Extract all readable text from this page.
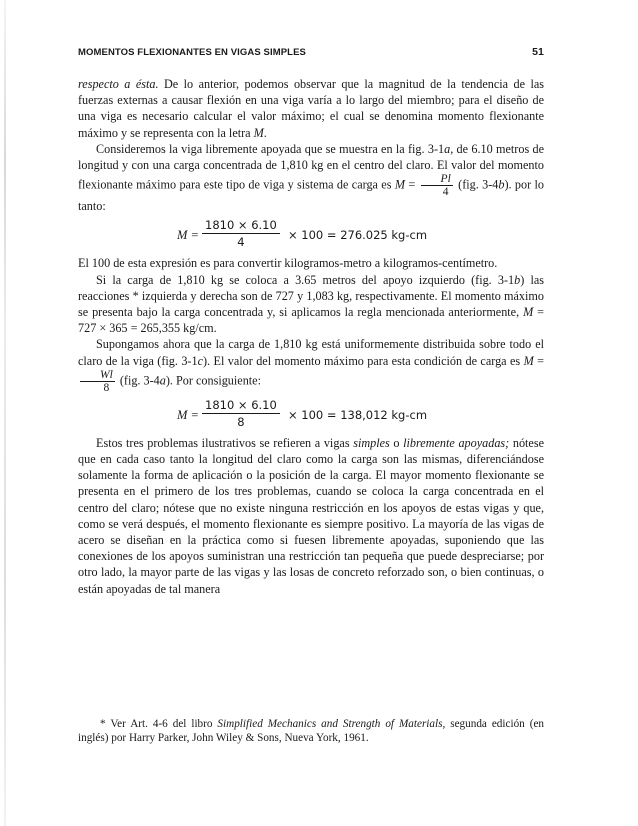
MOMENTOS FLEXIONANTES EN VIGAS SIMPLES	51

respecto a ésta. De lo anterior, podemos observar que la magnitud de la tendencia de las fuerzas externas a causar flexión en una viga varía a lo largo del miembro; para el diseño de una viga es necesario calcular el valor máximo; el cual se denomina momento flexionante máximo y se representa con la letra M.

Consideremos la viga libremente apoyada que se muestra en la fig. 3-1a, de 6.10 metros de longitud y con una carga concentrada de 1,810 kg en el centro del claro. El valor del momento flexionante máximo para este tipo de viga y sistema de carga es $M = \frac{Pl}{4} (fig$. 3-4b). por lo tanto:

$M = \frac{1810 \times 6.10}{4} \times 100 = 276.025$ kg-cm

El 100 de esta expresión es para convertir kilogramos-metro a kilogramos-centímetro.

Si la carga de 1,810 kg se coloca a 3.65 metros del apoyo izquierdo (fig. 3-1b) las reacciones * izquierda y derecha son de 727 y 1,083 kg, respectivamente. El momento máximo se presenta bajo la carga concentrada y, si aplicamos la regla mencionada anteriormente, M = 727 × 365 = 265,355 kg/cm.

Supongamos ahora que la carga de 1,810 kg está uniformemente distribuida sobre todo el claro de la viga (fig. 3-1c). El valor del momento máximo para esta condición de carga es M =
$\frac{Wl}{8} (fig$. 3-4a). Por consiguiente:

$M = \frac{1810 \times 6.10}{8} \times 100 = 138,012$ kg-cm

Estos tres problemas ilustrativos se refieren a vigas simples o libremente apoyadas; nótese que en cada caso tanto la longitud del claro como la carga son las mismas, diferenciándose solamente la forma de aplicación o la posición de la carga. El mayor momento flexionante se presenta en el primero de los tres problemas, cuando se coloca la carga concentrada en el centro del claro; nótese que no existe ninguna restricción en los apoyos de estas vigas y que, como se verá después, el momento flexionante es siempre positivo. La mayoría de las vigas de acero se diseñan en la práctica como si fuesen libremente apoyadas, suponiendo que las conexiones de los apoyos suministran una restricción tan pequeña que puede despreciarse; por otro lado, la mayor parte de las vigas y las losas de concreto reforzado son, o bien continuas, o están apoyadas de tal manera

* Ver Art. 4-6 del libro Simplified Mechanics and Strength of Materials, segunda edición (en inglés) por Harry Parker, John Wiley & Sons, Nueva York, 1961.
